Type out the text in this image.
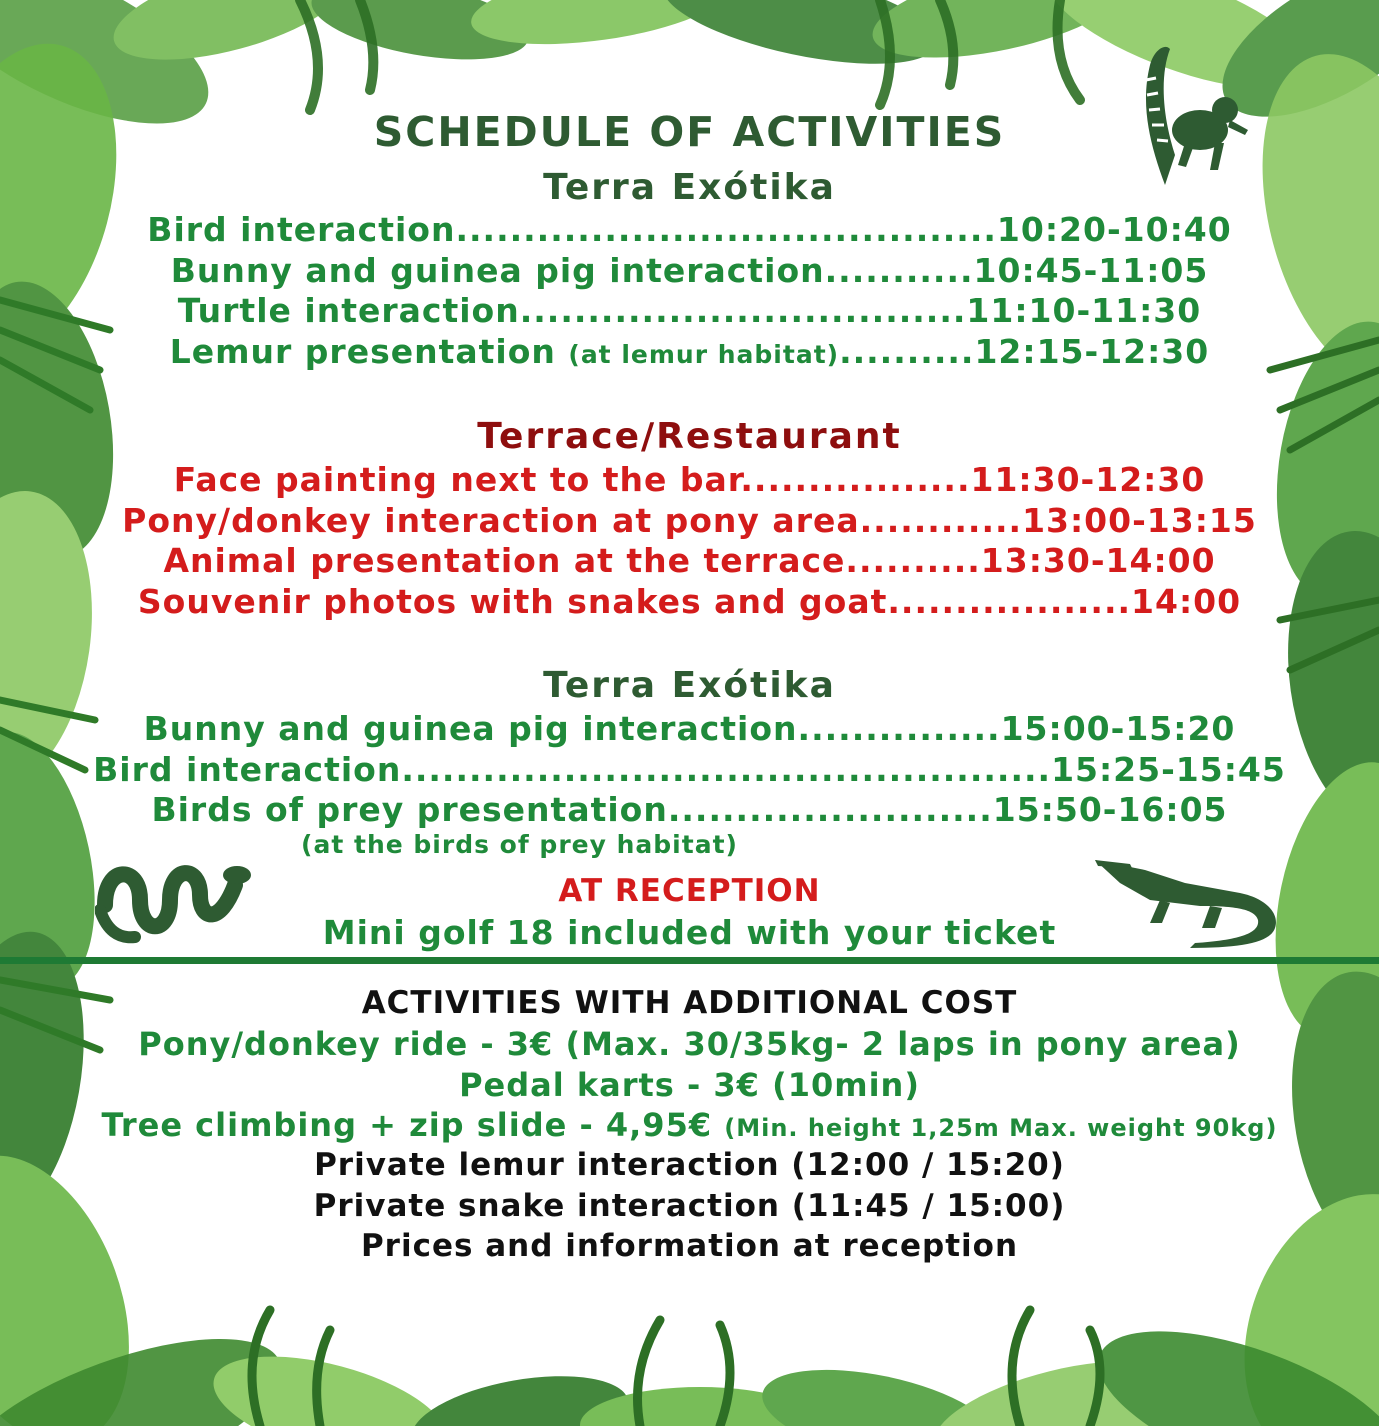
SCHEDULE OF ACTIVITIES
Terra Exótika
Bird interaction........................................10:20-10:40
Bunny and guinea pig interaction...........10:45-11:05
Turtle interaction.................................11:10-11:30
Lemur presentation (at lemur habitat)..........12:15-12:30
Terrace/Restaurant
Face painting next to the bar.................11:30-12:30
Pony/donkey interaction at pony area............13:00-13:15
Animal presentation at the terrace..........13:30-14:00
Souvenir photos with snakes and goat..................14:00
Terra Exótika
Bunny and guinea pig interaction...............15:00-15:20
Bird interaction................................................15:25-15:45
Birds of prey presentation........................15:50-16:05
(at the birds of prey habitat)
AT RECEPTION
Mini golf 18 included with your ticket
ACTIVITIES WITH ADDITIONAL COST
Pony/donkey ride - 3€ (Max. 30/35kg- 2 laps in pony area)
Pedal karts - 3€ (10min)
Tree climbing + zip slide - 4,95€ (Min. height 1,25m Max. weight 90kg)
Private lemur interaction (12:00 / 15:20)
Private snake interaction (11:45 / 15:00)
Prices and information at reception
